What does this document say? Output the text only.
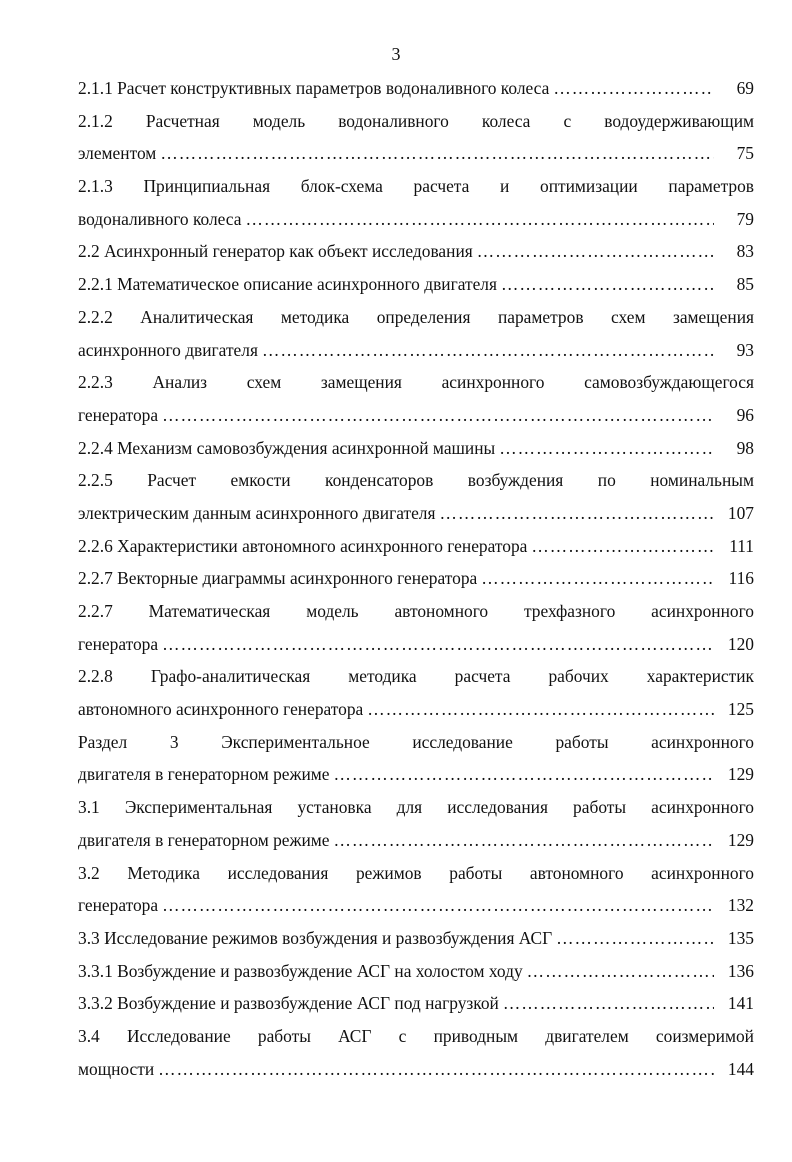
3
2.1.1 Расчет конструктивных параметров водоналивного колеса ……………………………………………………………………………………………………………………………………………………………………………	69
2.1.2 Расчетная модель водоналивного колеса с водоудерживающим
элементом ……………………………………………………………………………………………………………………………………………………………………………	75
2.1.3 Принципиальная блок-схема расчета и оптимизации параметров
водоналивного колеса ……………………………………………………………………………………………………………………………………………………………………………	79
2.2 Асинхронный генератор как объект исследования ……………………………………………………………………………………………………………………………………………………………………………	83
2.2.1 Математическое описание асинхронного двигателя ……………………………………………………………………………………………………………………………………………………………………………	85
2.2.2 Аналитическая методика определения параметров схем замещения
асинхронного двигателя ……………………………………………………………………………………………………………………………………………………………………………	93
2.2.3 Анализ схем замещения асинхронного самовозбуждающегося
генератора ……………………………………………………………………………………………………………………………………………………………………………	96
2.2.4 Механизм самовозбуждения асинхронной машины ……………………………………………………………………………………………………………………………………………………………………………	98
2.2.5 Расчет емкости конденсаторов возбуждения по номинальным
электрическим данным асинхронного двигателя ……………………………………………………………………………………………………………………………………………………………………………	107
2.2.6 Характеристики автономного асинхронного генератора ……………………………………………………………………………………………………………………………………………………………………………	111
2.2.7 Векторные диаграммы асинхронного генератора ……………………………………………………………………………………………………………………………………………………………………………	116
2.2.7 Математическая модель автономного трехфазного асинхронного
генератора ……………………………………………………………………………………………………………………………………………………………………………	120
2.2.8 Графо-аналитическая методика расчета рабочих характеристик
автономного асинхронного генератора ……………………………………………………………………………………………………………………………………………………………………………	125
Раздел 3 Экспериментальное исследование работы асинхронного
двигателя в генераторном режиме ……………………………………………………………………………………………………………………………………………………………………………	129
3.1 Экспериментальная установка для исследования работы асинхронного
двигателя в генераторном режиме ……………………………………………………………………………………………………………………………………………………………………………	129
3.2 Методика исследования режимов работы автономного асинхронного
генератора ……………………………………………………………………………………………………………………………………………………………………………	132
3.3 Исследование режимов возбуждения и развозбуждения АСГ ……………………………………………………………………………………………………………………………………………………………………………	135
3.3.1 Возбуждение и развозбуждение АСГ на холостом ходу ……………………………………………………………………………………………………………………………………………………………………………	136
3.3.2 Возбуждение и развозбуждение АСГ под нагрузкой ……………………………………………………………………………………………………………………………………………………………………………	141
3.4 Исследование работы АСГ с приводным двигателем соизмеримой
мощности ……………………………………………………………………………………………………………………………………………………………………………	144
